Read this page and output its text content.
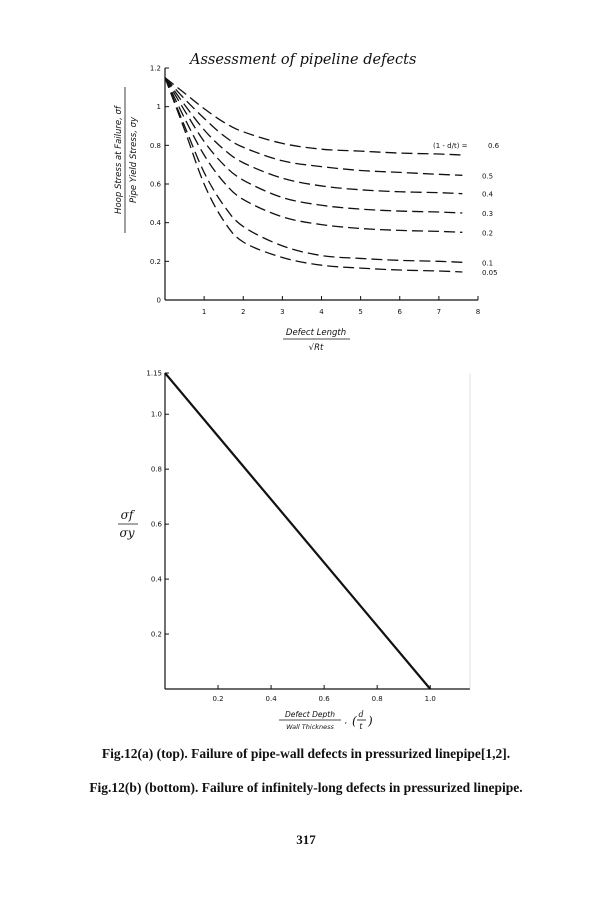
Assessment of pipeline defects
1	2	3	4	5	6	7	8
0
0.2
0.4
0.6
0.8
1
1.2
0.6
0.5
0.4
0.3
0.2
0.1
0.05
(1 - d/t) =
Hoop Stress at Failure, σf Pipe Yield Stress, σy
Defect Length
√Rt
0.2	0.4	0.6	0.8	1.0
0.2
0.4
0.6
0.8
1.0
1.15
σf
σy
Defect Depth
Wall Thickness
, ( d
t )
Fig.12(a) (top). Failure of pipe-wall defects in pressurized linepipe[1,2].
Fig.12(b) (bottom). Failure of infinitely-long defects in pressurized linepipe.
317
